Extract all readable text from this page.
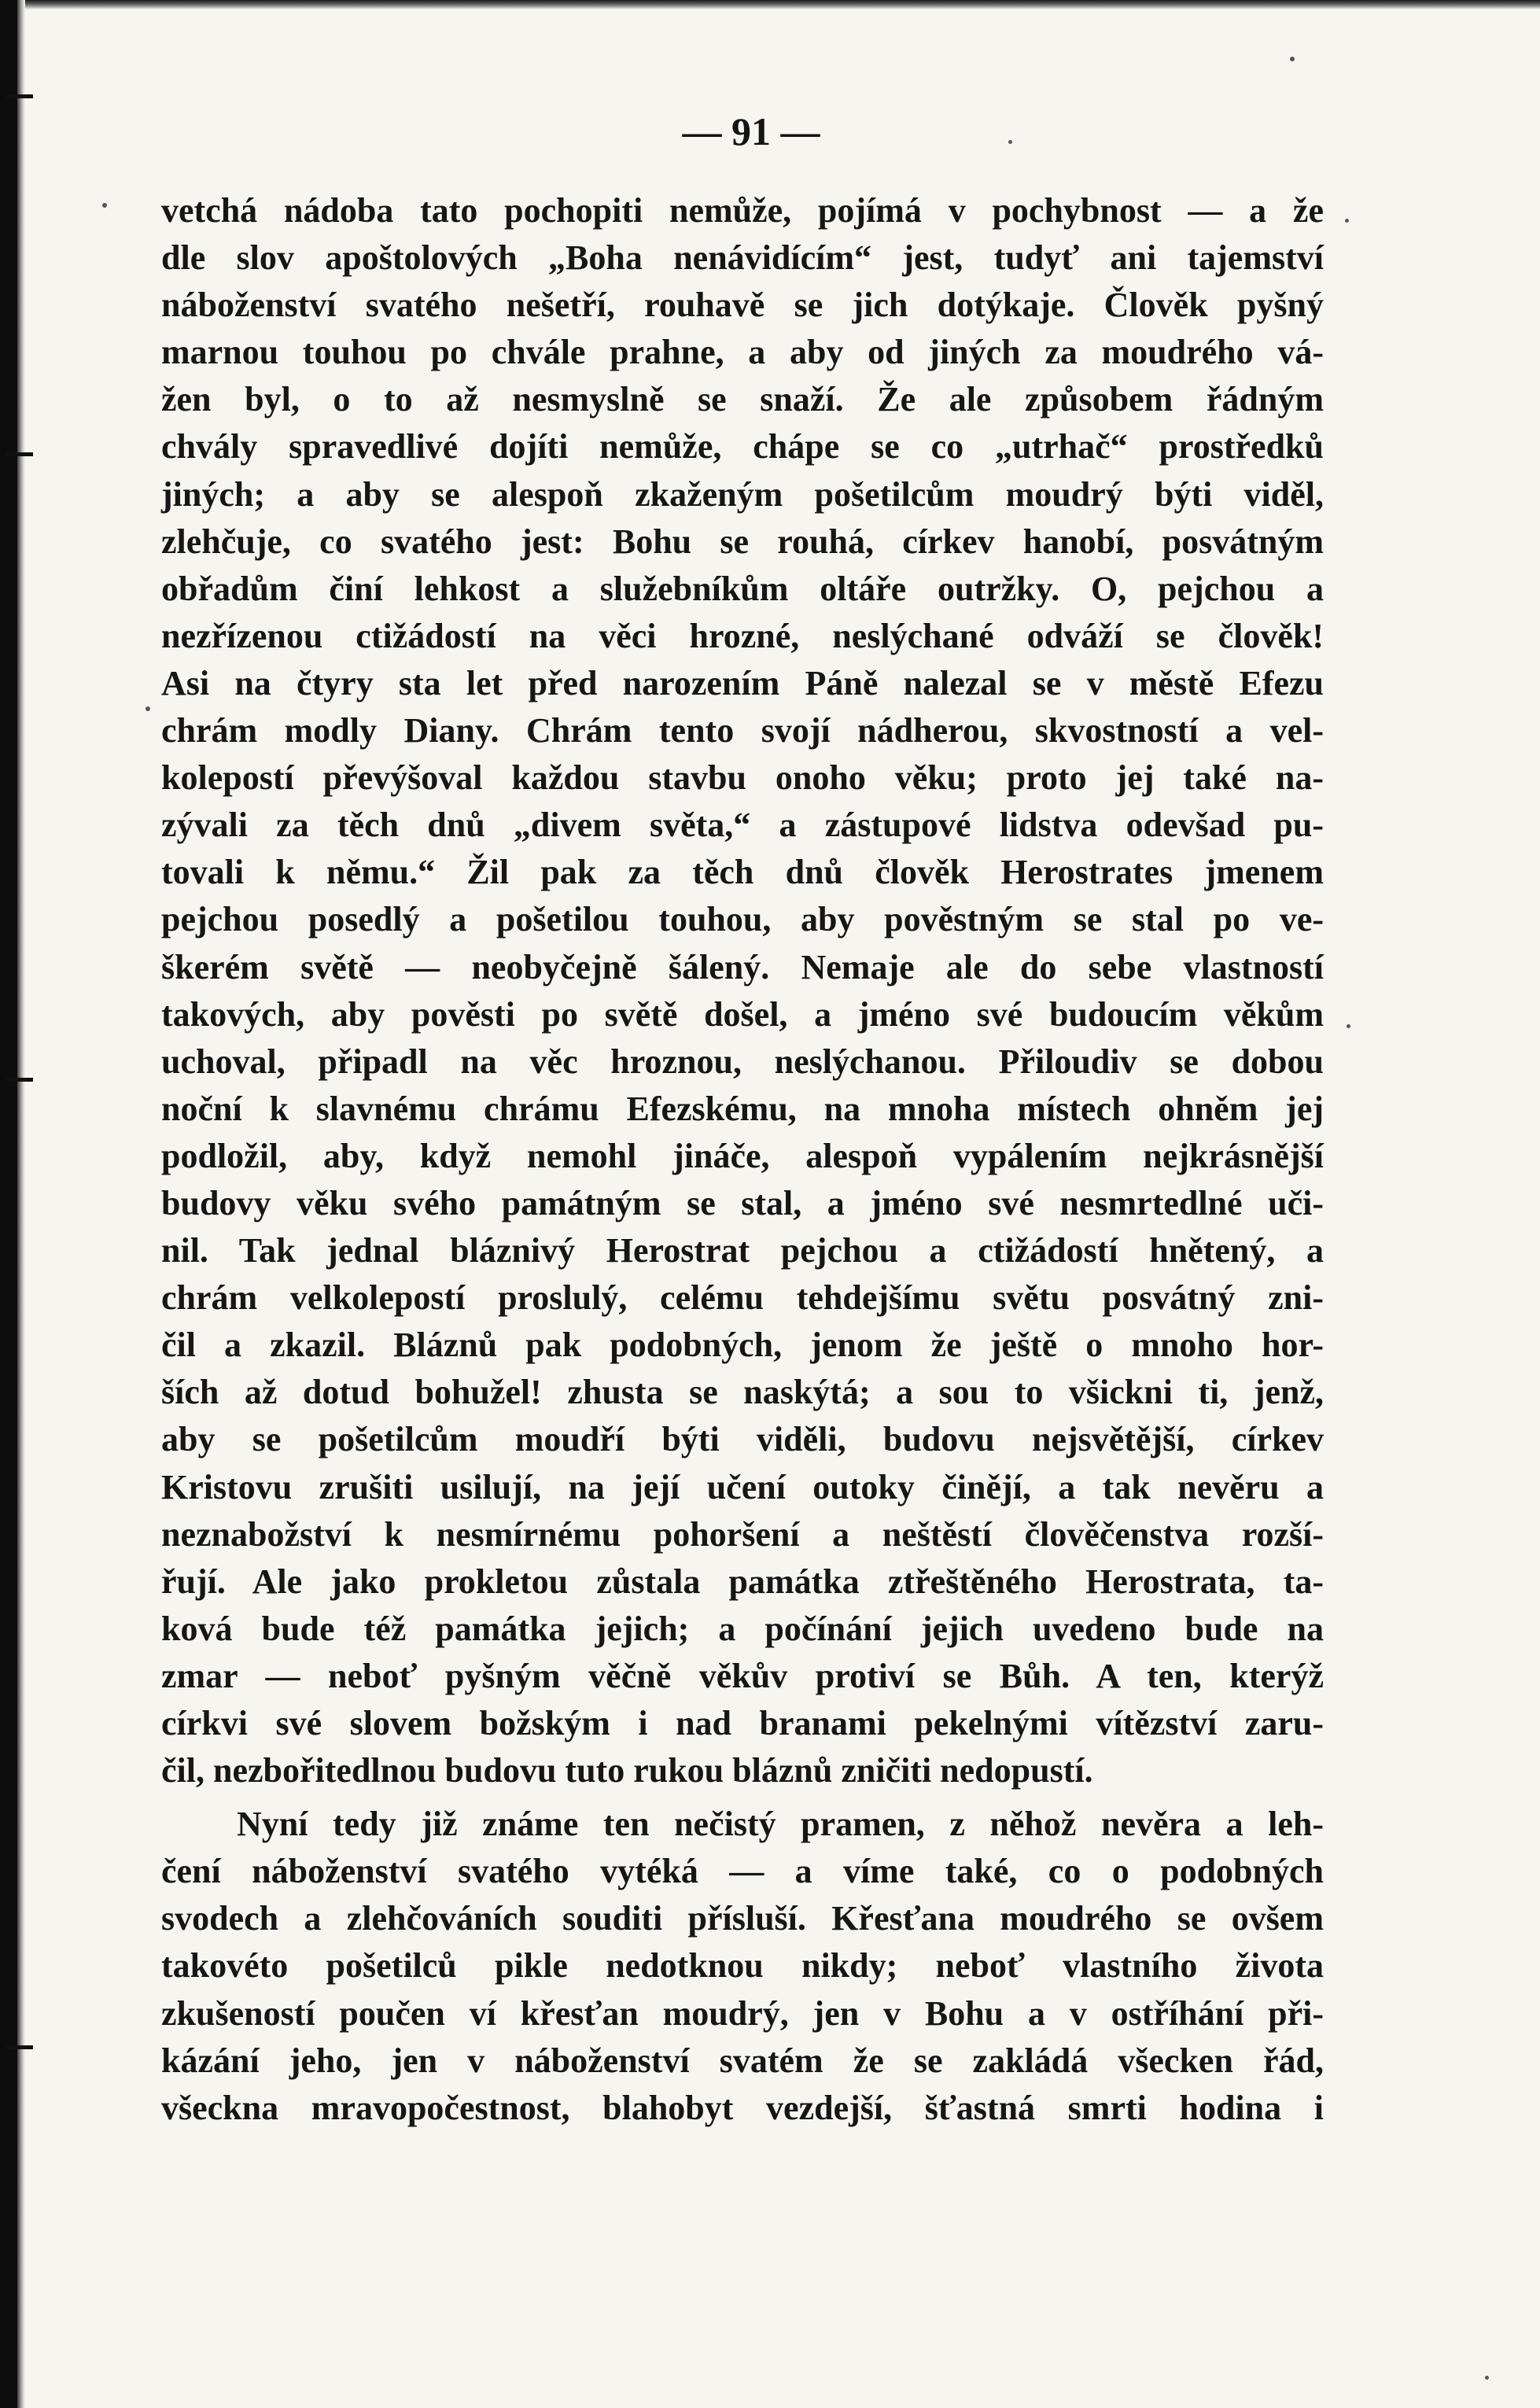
— 91 —
vetchá nádoba tato pochopiti nemůže, pojímá v pochybnost — a že
dle slov apoštolových „Boha nenávidícím“ jest, tudyť ani tajemství
náboženství svatého nešetří, rouhavě se jich dotýkaje. Člověk pyšný
marnou touhou po chvále prahne, a aby od jiných za moudrého vá-
žen byl, o to až nesmyslně se snaží. Že ale způsobem řádným
chvály spravedlivé dojíti nemůže, chápe se co „utrhač“ prostředků
jiných; a aby se alespoň zkaženým pošetilcům moudrý býti viděl,
zlehčuje, co svatého jest: Bohu se rouhá, církev hanobí, posvátným
obřadům činí lehkost a služebníkům oltáře outržky. O, pejchou a
nezřízenou ctižádostí na věci hrozné, neslýchané odváží se člověk!
Asi na čtyry sta let před narozením Páně nalezal se v městě Efezu
chrám modly Diany. Chrám tento svojí nádherou, skvostností a vel-
kolepostí převýšoval každou stavbu onoho věku; proto jej také na-
zývali za těch dnů „divem světa,“ a zástupové lidstva odevšad pu-
tovali k němu.“ Žil pak za těch dnů člověk Herostrates jmenem
pejchou posedlý a pošetilou touhou, aby pověstným se stal po ve-
škerém světě — neobyčejně šálený. Nemaje ale do sebe vlastností
takových, aby pověsti po světě došel, a jméno své budoucím věkům
uchoval, připadl na věc hroznou, neslýchanou. Přiloudiv se dobou
noční k slavnému chrámu Efezskému, na mnoha místech ohněm jej
podložil, aby, když nemohl jináče, alespoň vypálením nejkrásnější
budovy věku svého památným se stal, a jméno své nesmrtedlné uči-
nil. Tak jednal bláznivý Herostrat pejchou a ctižádostí hnětený, a
chrám velkolepostí proslulý, celému tehdejšímu světu posvátný zni-
čil a zkazil. Bláznů pak podobných, jenom že ještě o mnoho hor-
ších až dotud bohužel! zhusta se naskýtá; a sou to všickni ti, jenž,
aby se pošetilcům moudří býti viděli, budovu nejsvětější, církev
Kristovu zrušiti usilují, na její učení outoky činějí, a tak nevěru a
neznabožství k nesmírnému pohoršení a neštěstí člověčenstva rozší-
řují. Ale jako prokletou zůstala památka ztřeštěného Herostrata, ta-
ková bude též památka jejich; a počínání jejich uvedeno bude na
zmar — neboť pyšným věčně věkův protiví se Bůh. A ten, kterýž
církvi své slovem božským i nad branami pekelnými vítězství zaru-
čil, nezbořitedlnou budovu tuto rukou bláznů zničiti nedopustí.
Nyní tedy již známe ten nečistý pramen, z něhož nevěra a leh-
čení náboženství svatého vytéká — a víme také, co o podobných
svodech a zlehčováních souditi přísluší. Křesťana moudrého se ovšem
takovéto pošetilců pikle nedotknou nikdy; neboť vlastního života
zkušeností poučen ví křesťan moudrý, jen v Bohu a v ostříhání při-
kázání jeho, jen v náboženství svatém že se zakládá všecken řád,
všeckna mravopočestnost, blahobyt vezdejší, šťastná smrti hodina i
